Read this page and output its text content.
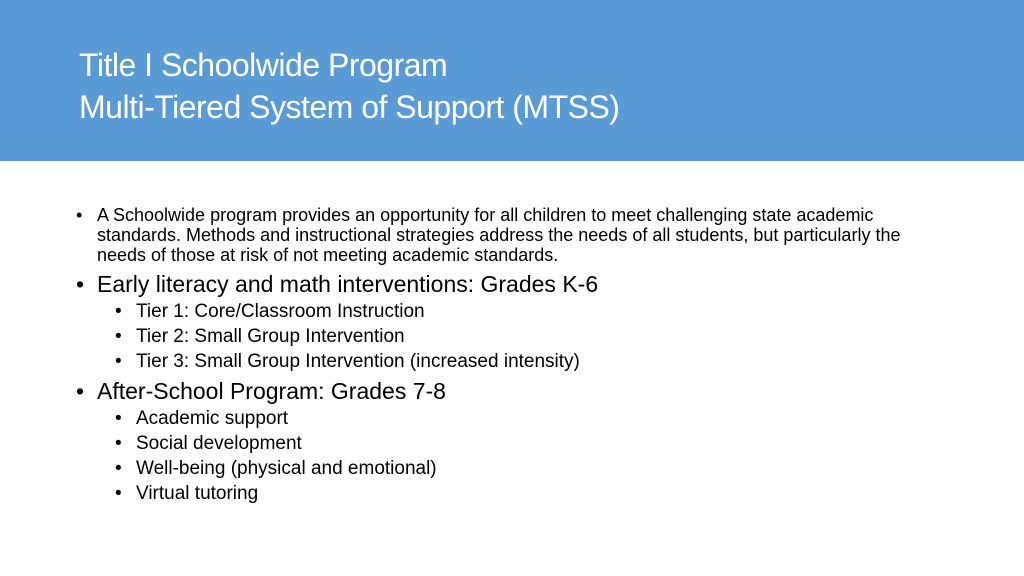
Title I Schoolwide Program
Multi-Tiered System of Support (MTSS)
• A Schoolwide program provides an opportunity for all children to meet challenging state academic standards. Methods and instructional strategies address the needs of all students, but particularly the needs of those at risk of not meeting academic standards.
• Early literacy and math interventions: Grades K-6
• Tier 1: Core/Classroom Instruction
• Tier 2: Small Group Intervention
• Tier 3: Small Group Intervention (increased intensity)
• After-School Program: Grades 7-8
• Academic support
• Social development
• Well-being (physical and emotional)
• Virtual tutoring
